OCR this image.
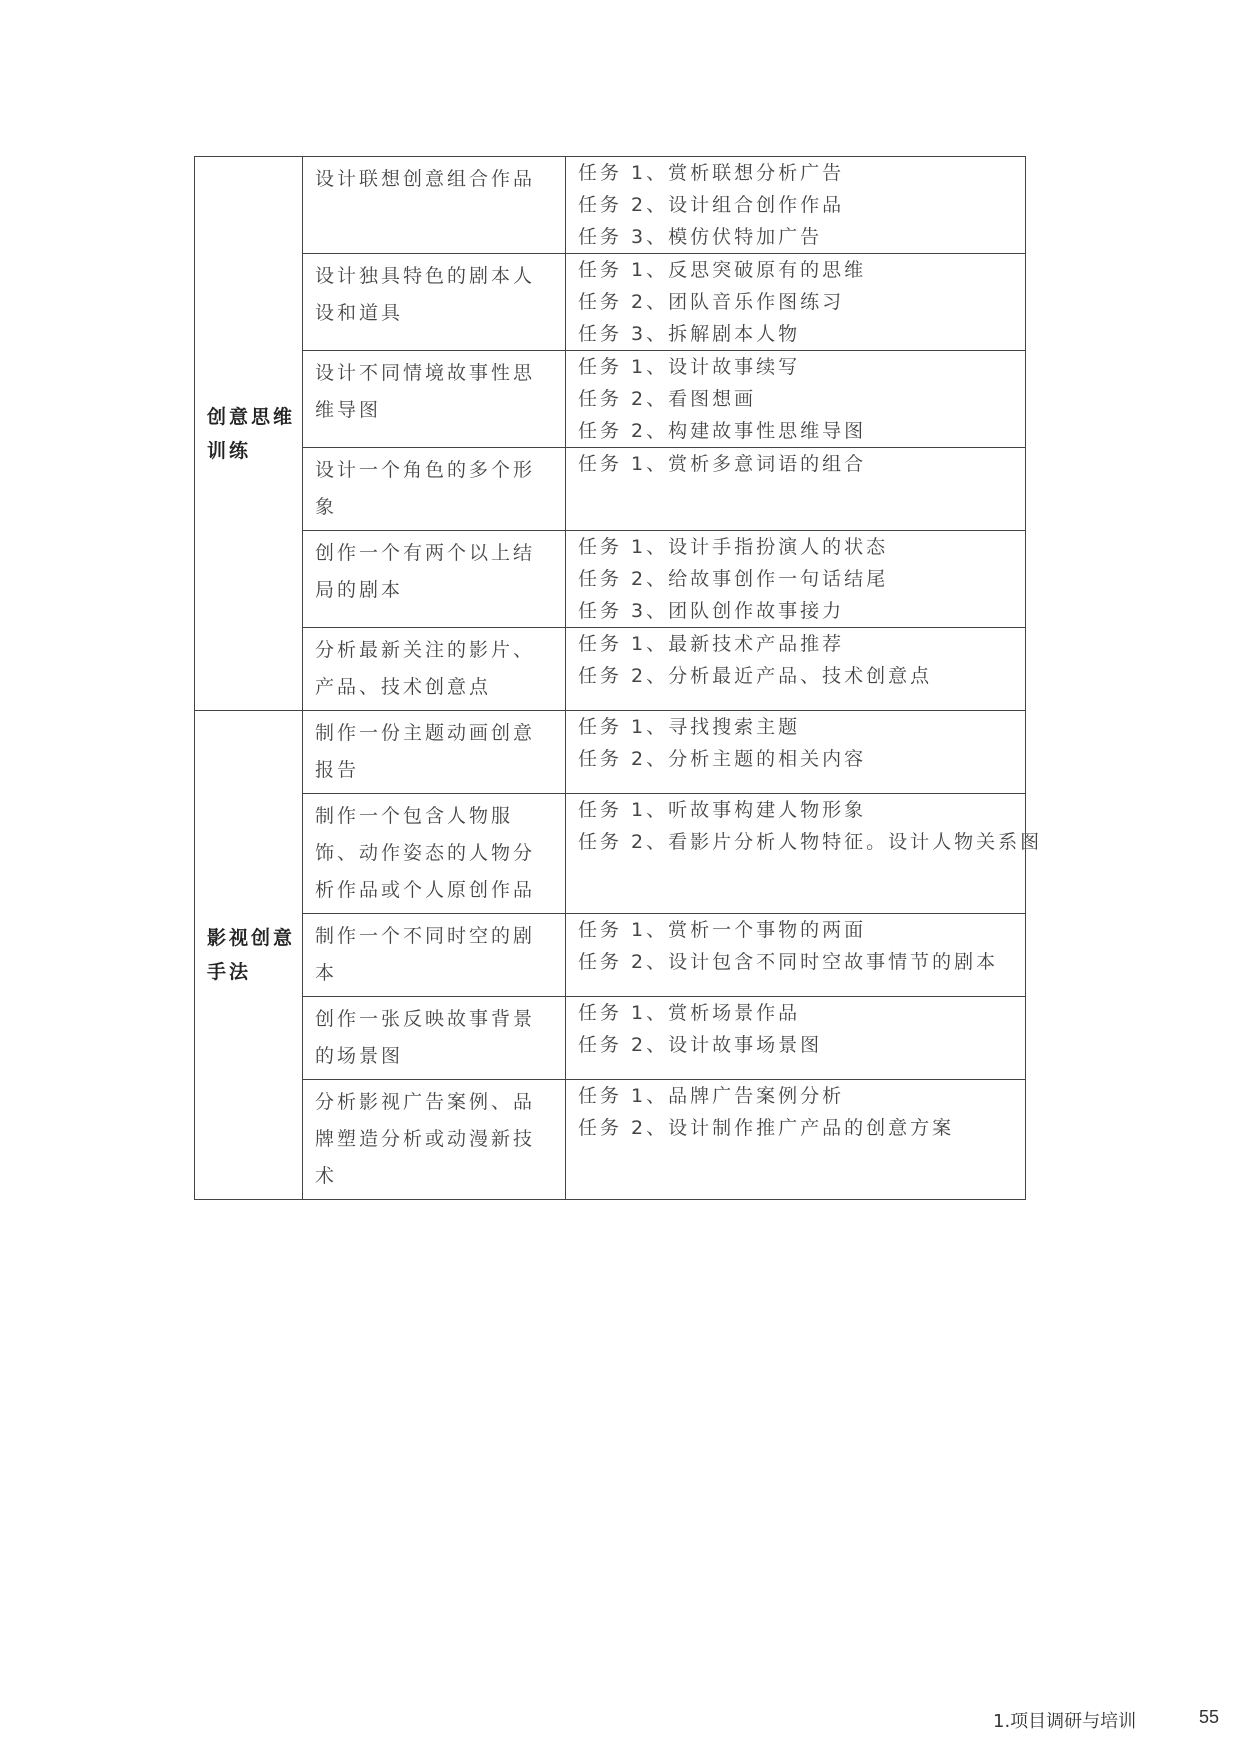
创意思维训练	设计联想创意组合作品	任务 1、赏析联想分析广告
任务 2、设计组合创作作品
任务 3、模仿伏特加广告

	设计独具特色的剧本人设和道具	任务 1、反思突破原有的思维
任务 2、团队音乐作图练习
任务 3、拆解剧本人物

	设计不同情境故事性思维导图	任务 1、设计故事续写
任务 2、看图想画
任务 2、构建故事性思维导图

	设计一个角色的多个形象	任务 1、赏析多意词语的组合

	创作一个有两个以上结局的剧本	任务 1、设计手指扮演人的状态
任务 2、给故事创作一句话结尾
任务 3、团队创作故事接力

	分析最新关注的影片、产品、技术创意点	任务 1、最新技术产品推荐
任务 2、分析最近产品、技术创意点

影视创意手法	制作一份主题动画创意报告	任务 1、寻找搜索主题
任务 2、分析主题的相关内容

	制作一个包含人物服饰、动作姿态的人物分析作品或个人原创作品	任务 1、听故事构建人物形象
任务 2、看影片分析人物特征。设计人物关系图

	制作一个不同时空的剧本	任务 1、赏析一个事物的两面
任务 2、设计包含不同时空故事情节的剧本

	创作一张反映故事背景的场景图	任务 1、赏析场景作品
任务 2、设计故事场景图

	分析影视广告案例、品牌塑造分析或动漫新技术	任务 1、品牌广告案例分析
任务 2、设计制作推广产品的创意方案
1.项目调研与培训	55
